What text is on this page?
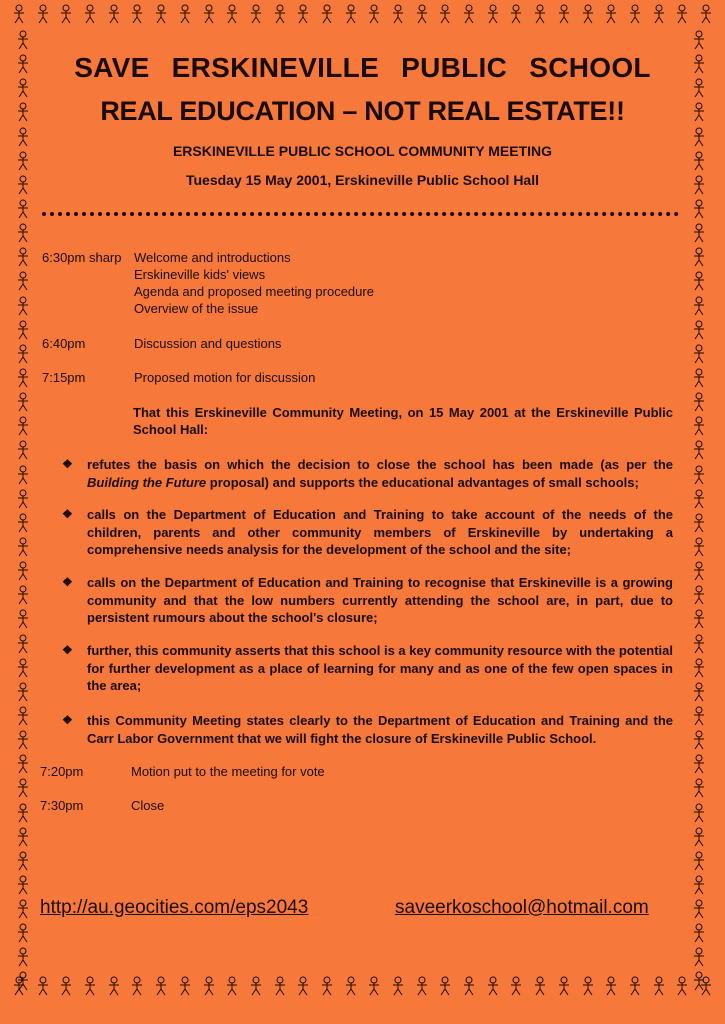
SAVE ERSKINEVILLE PUBLIC SCHOOL
REAL EDUCATION – NOT REAL ESTATE!!
ERSKINEVILLE PUBLIC SCHOOL COMMUNITY MEETING
Tuesday 15 May 2001, Erskineville Public School Hall
6:30pm sharp Welcome and introductions
Erskineville kids' views
Agenda and proposed meeting procedure
Overview of the issue
6:40pm	Discussion and questions
7:15pm	Proposed motion for discussion
That this Erskineville Community Meeting, on 15 May 2001 at the Erskineville Public School Hall:
❖	refutes the basis on which the decision to close the school has been made (as per the Building the Future proposal) and supports the educational advantages of small schools;
❖	calls on the Department of Education and Training to take account of the needs of the children, parents and other community members of Erskineville by undertaking a comprehensive needs analysis for the development of the school and the site;
❖	calls on the Department of Education and Training to recognise that Erskineville is a growing community and that the low numbers currently attending the school are, in part, due to persistent rumours about the school's closure;
❖	further, this community asserts that this school is a key community resource with the potential for further development as a place of learning for many and as one of the few open spaces in the area;
❖	this Community Meeting states clearly to the Department of Education and Training and the Carr Labor Government that we will fight the closure of Erskineville Public School.
7:20pm	Motion put to the meeting for vote
7:30pm	Close
http://au.geocities.com/eps2043	saveerkoschool@hotmail.com
